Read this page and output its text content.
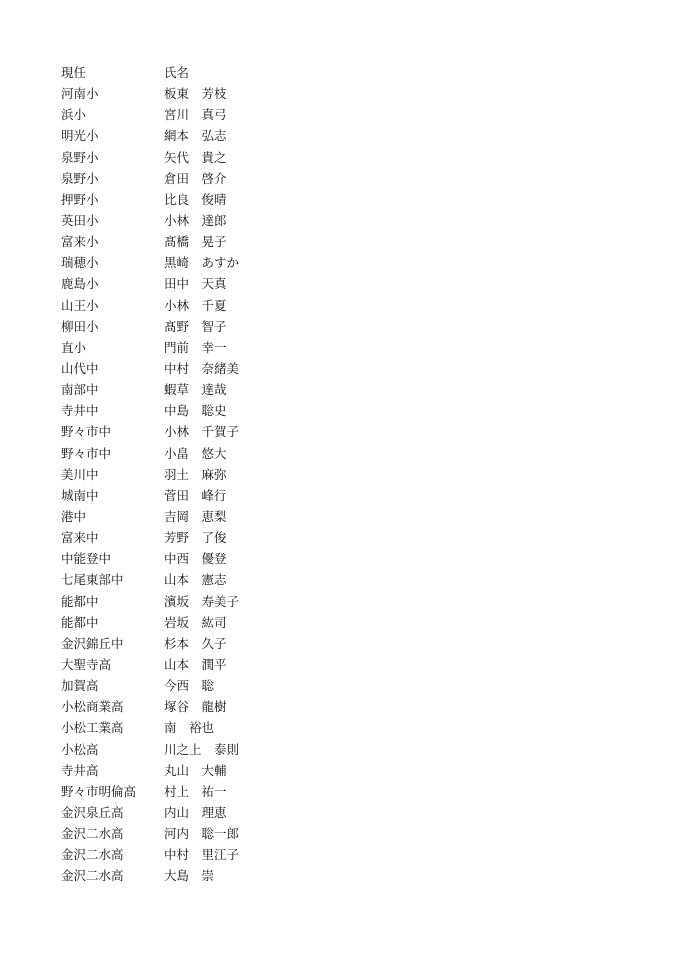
現任	氏名
河南小	板東　芳枝
浜小	宮川　真弓
明光小	網本　弘志
泉野小	矢代　貴之
泉野小	倉田　啓介
押野小	比良　俊晴
英田小	小林　達郎
富来小	髙橋　晃子
瑞穂小	黒崎　あすか
鹿島小	田中　天真
山王小	小林　千夏
柳田小	髙野　智子
直小	門前　幸一
山代中	中村　奈緒美
南部中	蝦草　達哉
寺井中	中島　聡史
野々市中	小林　千賀子
野々市中	小畠　悠大
美川中	羽土　麻弥
城南中	菅田　峰行
港中	吉岡　恵梨
富来中	芳野　了俊
中能登中	中西　優登
七尾東部中	山本　憲志
能都中	濱坂　寿美子
能都中	岩坂　紘司
金沢錦丘中	杉本　久子
大聖寺高	山本　潤平
加賀高	今西　聡
小松商業高	塚谷　龍樹
小松工業高	南　裕也
小松高	川之上　泰則
寺井高	丸山　大輔
野々市明倫高	村上　祐一
金沢泉丘高	内山　理恵
金沢二水高	河内　聡一郎
金沢二水高	中村　里江子
金沢二水高	大島　崇
